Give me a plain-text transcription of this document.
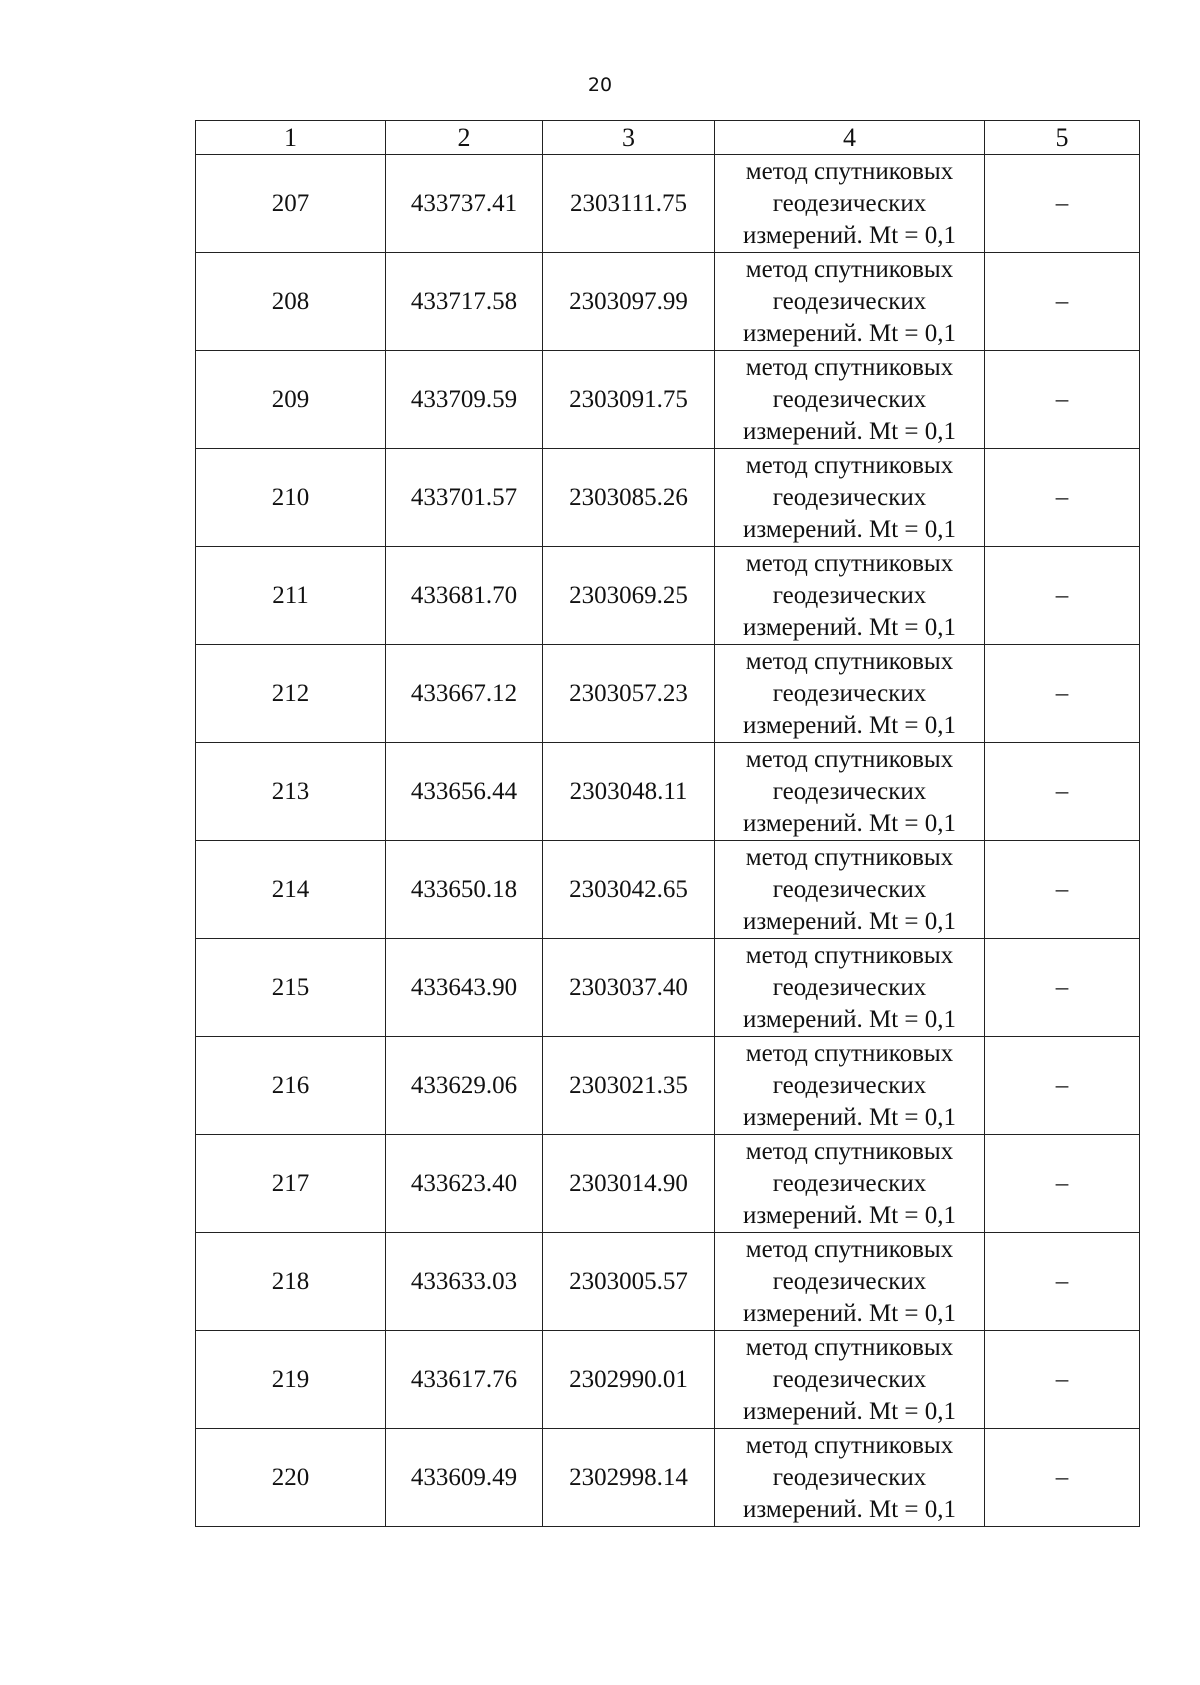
20
1	2	3	4	5
207	433737.41	2303111.75	метод спутниковых
геодезических
измерений. Mt = 0,1	–
208	433717.58	2303097.99	метод спутниковых
геодезических
измерений. Mt = 0,1	–
209	433709.59	2303091.75	метод спутниковых
геодезических
измерений. Mt = 0,1	–
210	433701.57	2303085.26	метод спутниковых
геодезических
измерений. Mt = 0,1	–
211	433681.70	2303069.25	метод спутниковых
геодезических
измерений. Mt = 0,1	–
212	433667.12	2303057.23	метод спутниковых
геодезических
измерений. Mt = 0,1	–
213	433656.44	2303048.11	метод спутниковых
геодезических
измерений. Mt = 0,1	–
214	433650.18	2303042.65	метод спутниковых
геодезических
измерений. Mt = 0,1	–
215	433643.90	2303037.40	метод спутниковых
геодезических
измерений. Mt = 0,1	–
216	433629.06	2303021.35	метод спутниковых
геодезических
измерений. Mt = 0,1	–
217	433623.40	2303014.90	метод спутниковых
геодезических
измерений. Mt = 0,1	–
218	433633.03	2303005.57	метод спутниковых
геодезических
измерений. Mt = 0,1	–
219	433617.76	2302990.01	метод спутниковых
геодезических
измерений. Mt = 0,1	–
220	433609.49	2302998.14	метод спутниковых
геодезических
измерений. Mt = 0,1	–
